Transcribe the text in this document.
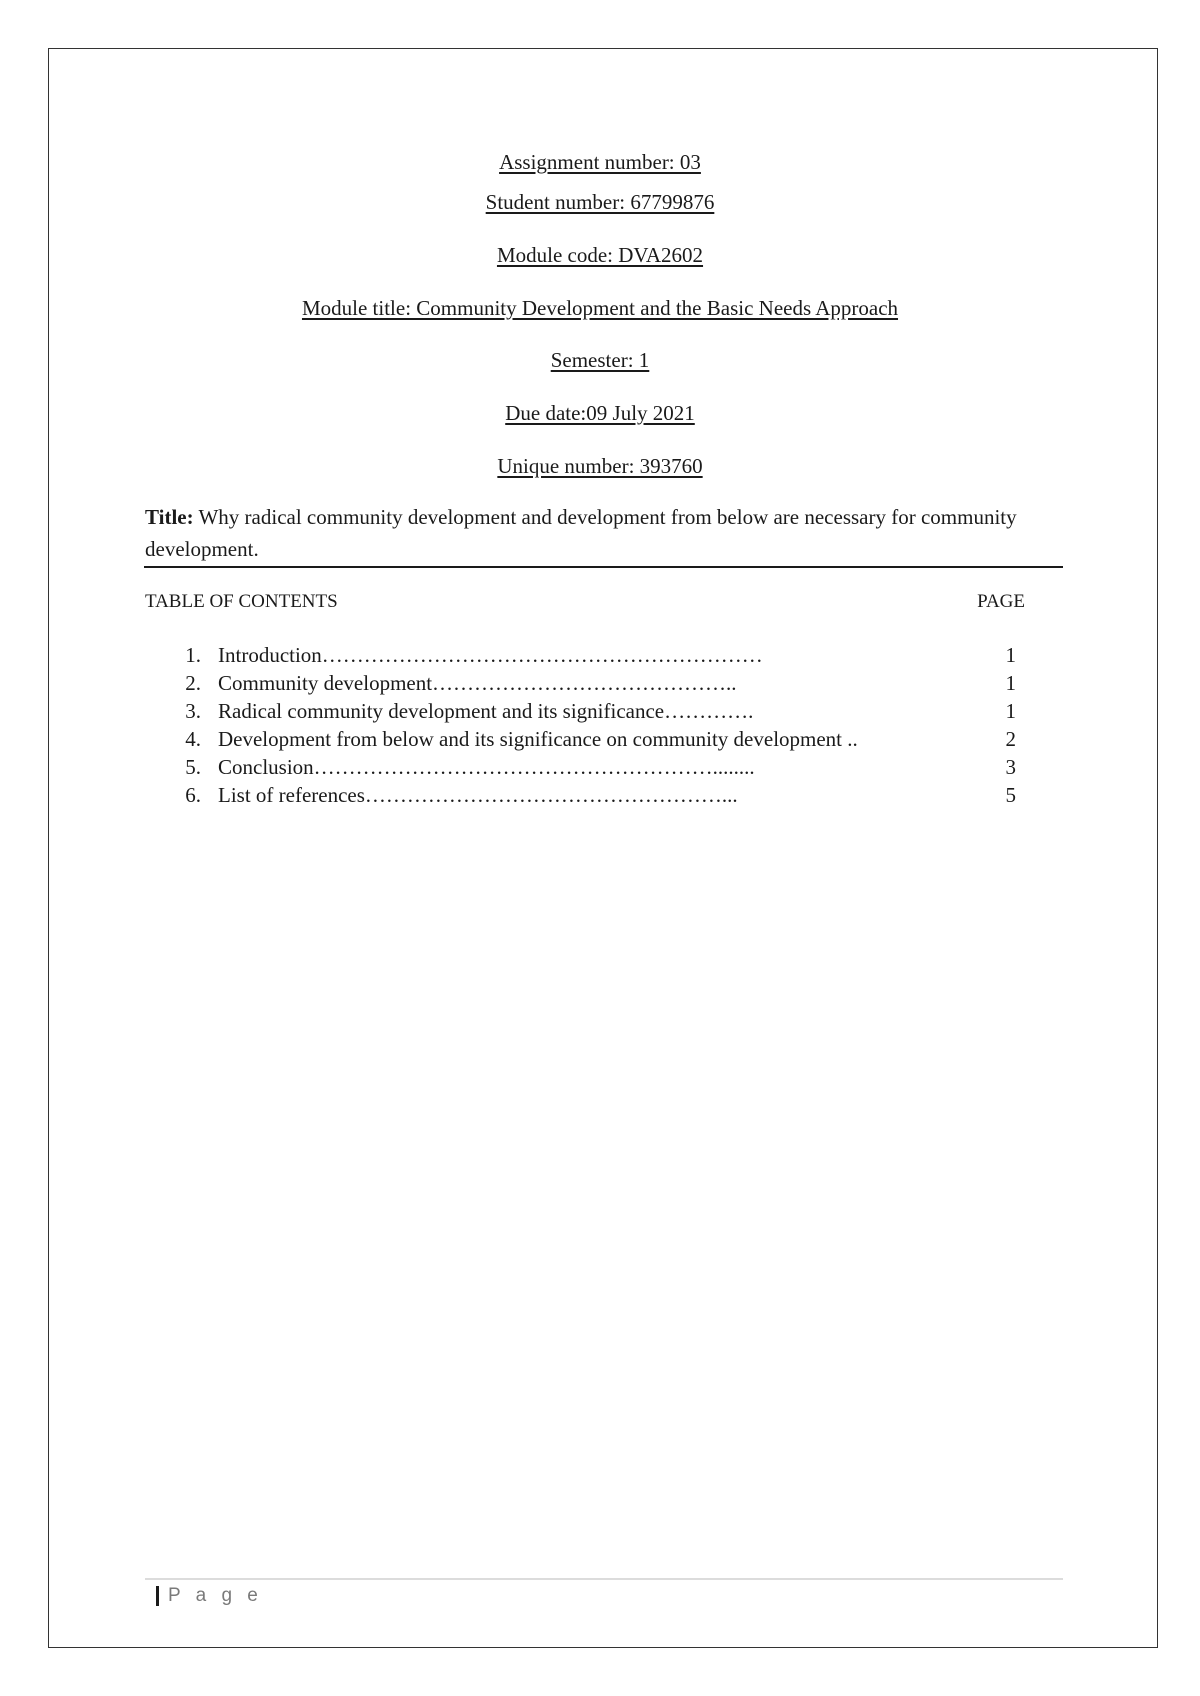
Assignment number: 03
Student number: 67799876
Module code: DVA2602
Module title: Community Development and the Basic Needs Approach
Semester: 1
Due date:09 July 2021
Unique number: 393760
Title: Why radical community development and development from below are necessary for community development.
TABLE OF CONTENTS	PAGE
1. Introduction………………………………………………………	1
2. Community development……………………………………..	1
3. Radical community development and its significance………….	1
4. Development from below and its significance on community development ..	2
5. Conclusion…………………………………………………........	3
6. List of references……………………………………………...	5
P a g e
